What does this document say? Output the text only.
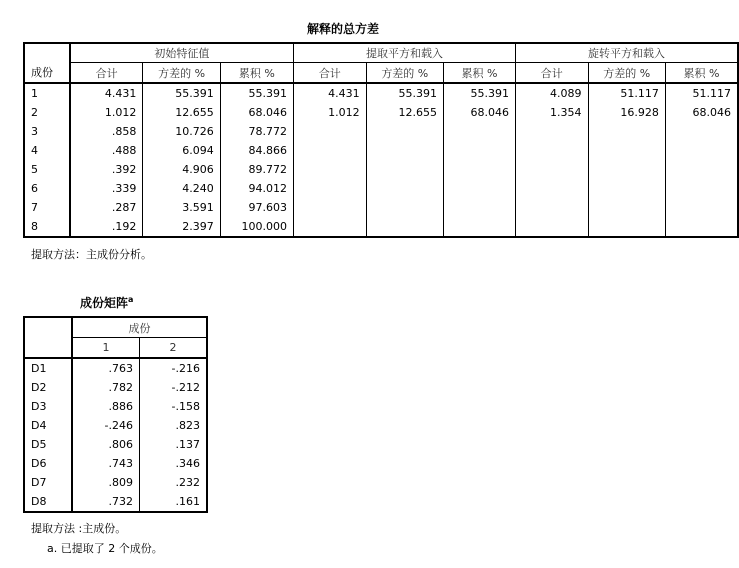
解释的总方差
	初始特征值			提取平方和载入			旋转平方和载入		
成份	合计	方差的 %	累积 %	合计	方差的 %	累积 %	合计	方差的 %	累积 %
1	4.431	55.391	55.391	4.431	55.391	55.391	4.089	51.117	51.117
2	1.012	12.655	68.046	1.012	12.655	68.046	1.354	16.928	68.046
3	.858	10.726	78.772						
4	.488	6.094	84.866						
5	.392	4.906	89.772						
6	.339	4.240	94.012						
7	.287	3.591	97.603						
8	.192	2.397	100.000						
提取方法：主成份分析。
成份矩阵$^a$
	成份	
	1	2
D1	.763	-.216
D2	.782	-.212
D3	.886	-.158
D4	-.246	.823
D5	.806	.137
D6	.743	.346
D7	.809	.232
D8	.732	.161
提取方法 :主成份。
a. 已提取了 2 个成份。
